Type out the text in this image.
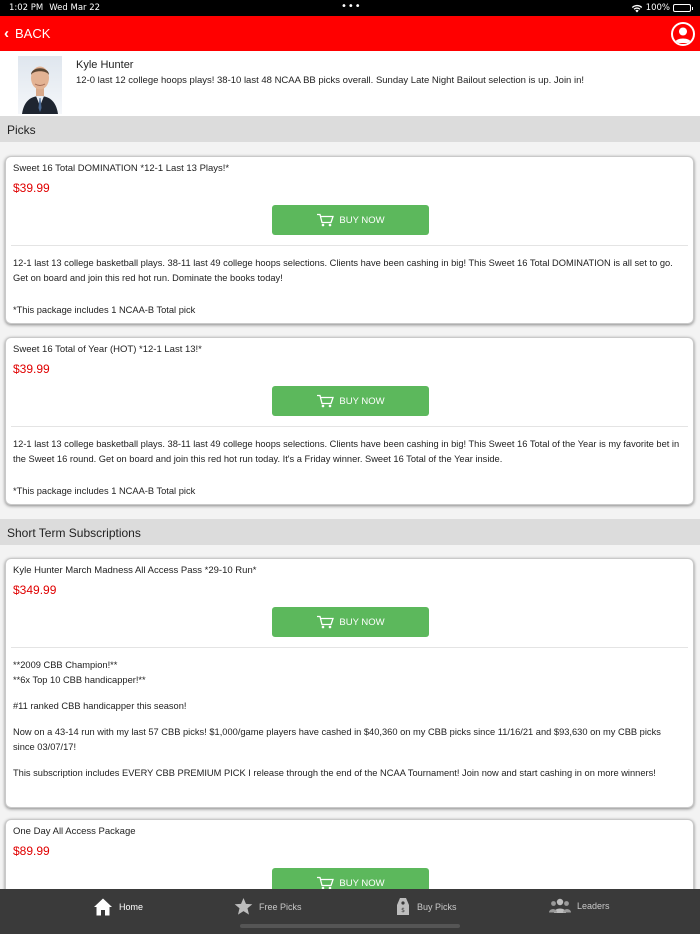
1:02 PM Wed Mar 22	•••	100%
‹ BACK
Kyle Hunter
12-0 last 12 college hoops plays! 38-10 last 48 NCAA BB picks overall. Sunday Late Night Bailout selection is up. Join in!
Picks
Sweet 16 Total DOMINATION *12-1 Last 13 Plays!*
$39.99
BUY NOW
12-1 last 13 college basketball plays. 38-11 last 49 college hoops selections. Clients have been cashing in big! This Sweet 16 Total DOMINATION is all set to go. Get on board and join this red hot run. Dominate the books today!
*This package includes 1 NCAA-B Total pick
Sweet 16 Total of Year (HOT) *12-1 Last 13!*
$39.99
BUY NOW
12-1 last 13 college basketball plays. 38-11 last 49 college hoops selections. Clients have been cashing in big! This Sweet 16 Total of the Year is my favorite bet in the Sweet 16 round. Get on board and join this red hot run today. It's a Friday winner. Sweet 16 Total of the Year inside.
*This package includes 1 NCAA-B Total pick
Short Term Subscriptions
Kyle Hunter March Madness All Access Pass *29-10 Run*
$349.99
BUY NOW
**2009 CBB Champion!**
**6x Top 10 CBB handicapper!**
#11 ranked CBB handicapper this season!
Now on a 43-14 run with my last 57 CBB picks! $1,000/game players have cashed in $40,360 on my CBB picks since 11/16/21 and $93,630 on my CBB picks since 03/07/17!
This subscription includes EVERY CBB PREMIUM PICK I release through the end of the NCAA Tournament! Join now and start cashing in on more winners!
One Day All Access Package
$89.99
BUY NOW
Home	Free Picks	$ Buy Picks	Leaders
